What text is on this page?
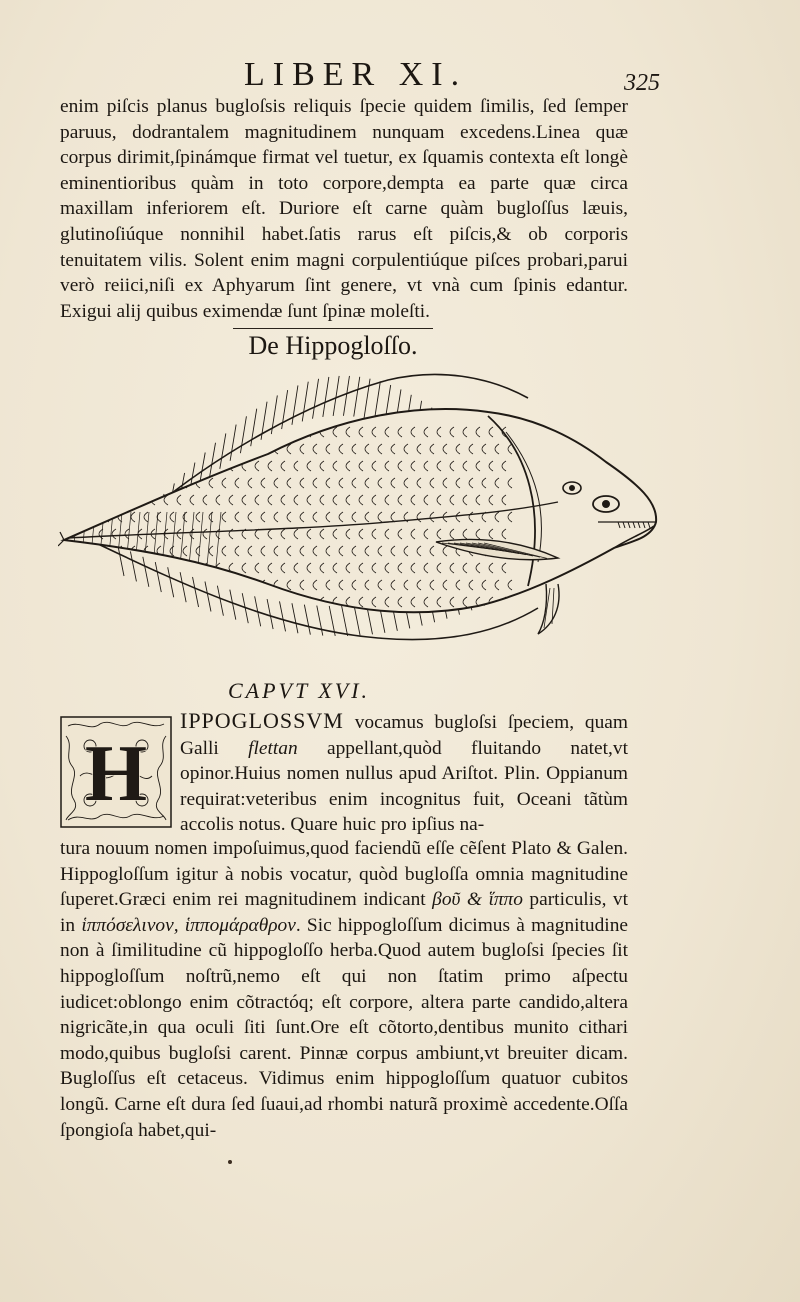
LIBER XI.	325

enim piſcis planus bugloſsis reliquis ſpecie quidem ſimilis, ſed ſemper paruus, dodrantalem magnitudinem nunquam excedens.Linea quæ corpus dirimit,ſpinámque firmat vel tuetur, ex ſquamis contexta eſt longè eminentioribus quàm in toto corpore,dempta ea parte quæ circa maxillam inferiorem eſt. Duriore eſt carne quàm bugloſſus læuis, glutinoſiúque nonnihil habet.ſatis rarus eſt piſcis,& ob corporis tenuitatem vilis. Solent enim magni corpulentiúque piſces probari,parui verò reiici,niſi ex Aphyarum ſint genere, vt vnà cum ſpinis edantur. Exigui alij quibus eximendæ ſunt ſpinæ moleſti.

De Hippogloſſo.
CAPVT XVI.
H

IPPOGLOSSVM vocamus bugloſsi ſpeciem, quam Galli flettan appellant,quòd fluitando natet,vt opinor.Huius nomen nullus apud Ariſtot. Plin. Oppianum requirat:veteribus enim incognitus fuit, Oceani tãtùm accolis notus. Quare huic pro ipſius na-

tura nouum nomen impoſuimus,quod faciendũ eſſe cẽſent Plato & Galen. Hippogloſſum igitur à nobis vocatur, quòd bugloſſa omnia magnitudine ſuperet.Græci enim rei magnitudinem indicant βοῦ & ἵππο particulis, vt in ἱππόσελινον, ἱππομάραθρον. Sic hippogloſſum dicimus à magnitudine non à ſimilitudine cũ hippogloſſo herba.Quod autem bugloſsi ſpecies ſit hippogloſſum noſtrũ,nemo eſt qui non ſtatim primo aſpectu iudicet:oblongo enim cõtractóq; eſt corpore, altera parte candido,altera nigricãte,in qua oculi ſiti ſunt.Ore eſt cõtorto,dentibus munito cithari modo,quibus bugloſsi carent. Pinnæ corpus ambiunt,vt breuiter dicam. Bugloſſus eſt cetaceus. Vidimus enim hippogloſſum quatuor cubitos longũ. Carne eſt dura ſed ſuaui,ad rhombi naturã proximè accedente.Oſſa ſpongioſa habet,qui-
